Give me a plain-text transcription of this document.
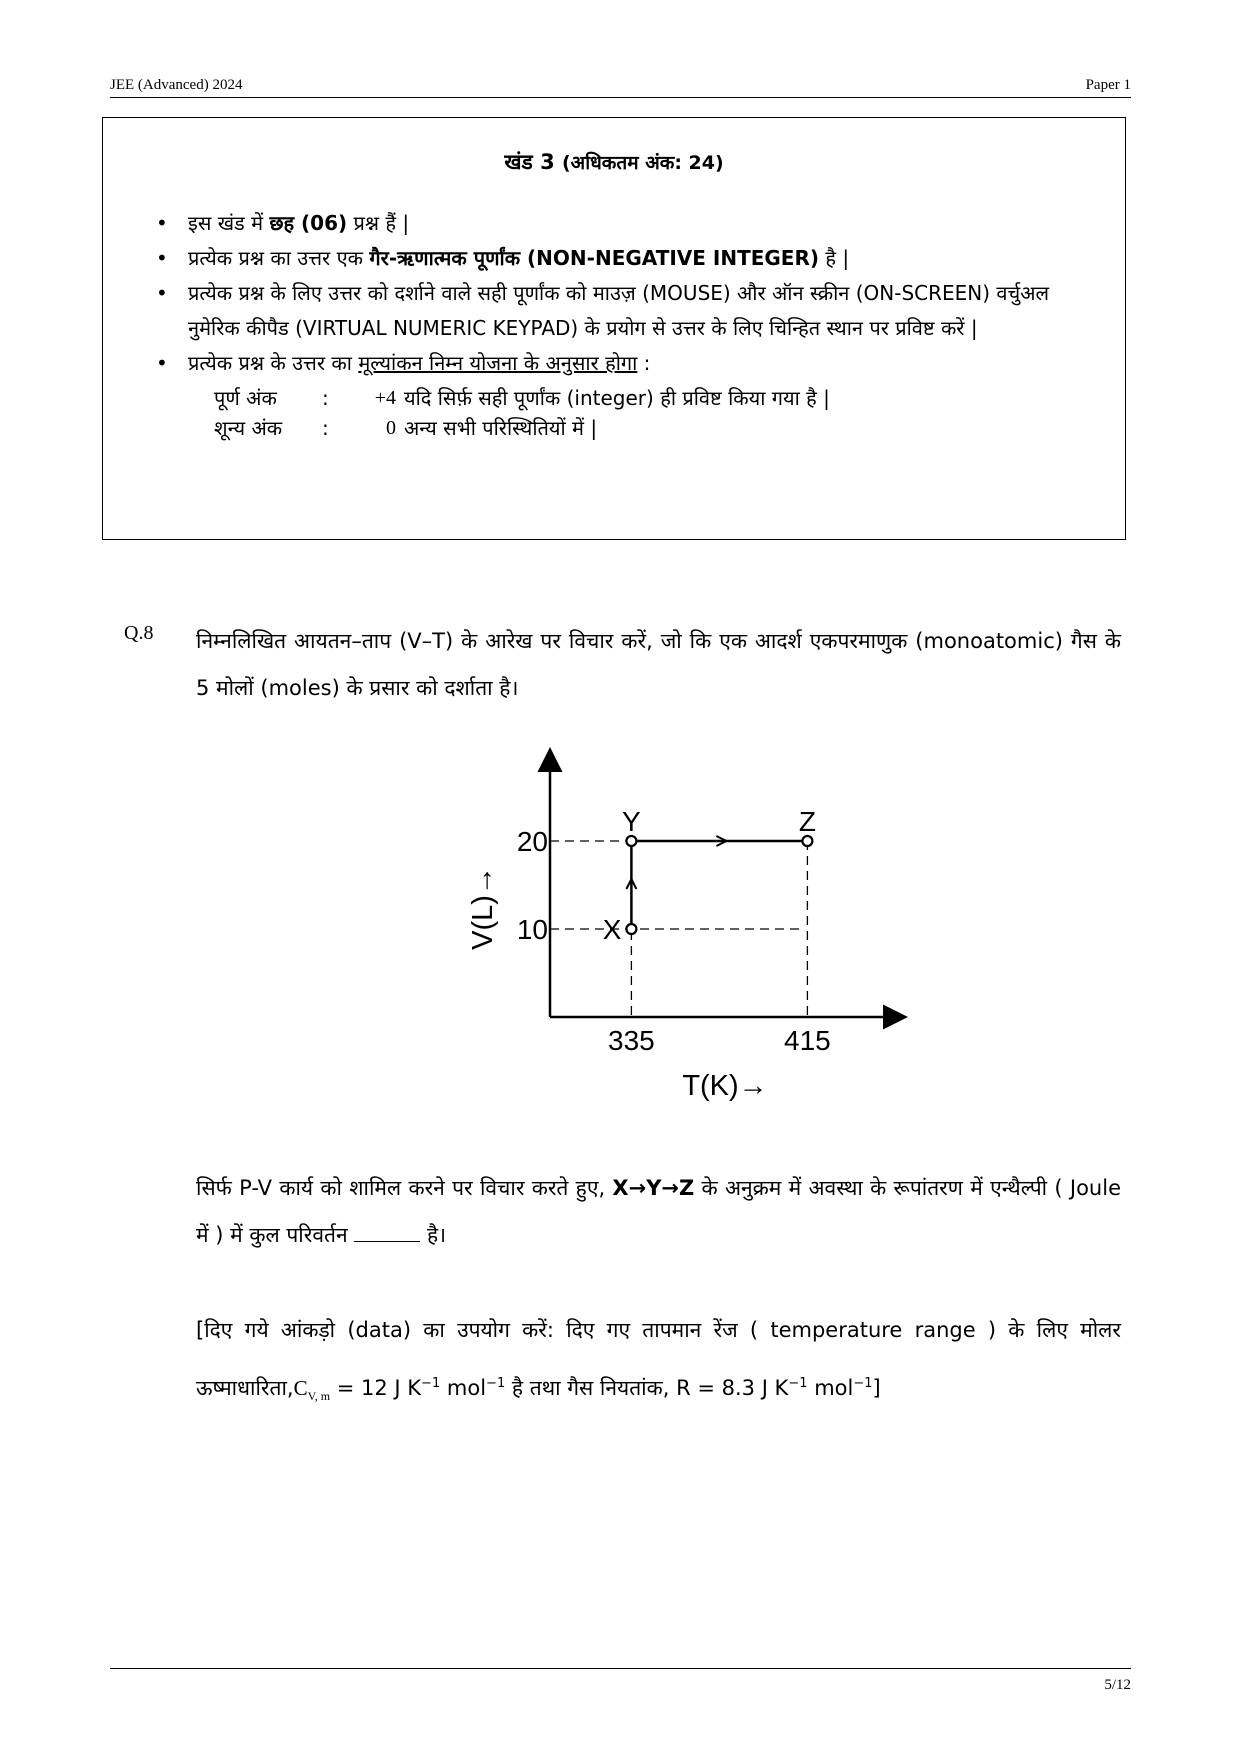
JEE (Advanced) 2024	Paper 1
खंड 3 (अधिकतम अंक: 24)
• इस खंड में छह (06) प्रश्न हैं |
• प्रत्येक प्रश्न का उत्तर एक गैर-ऋणात्मक पूर्णांक (NON-NEGATIVE INTEGER) है |
• प्रत्येक प्रश्न के लिए उत्तर को दर्शाने वाले सही पूर्णांक को माउज़ (MOUSE) और ऑन स्क्रीन (ON-SCREEN) वर्चुअल नुमेरिक कीपैड (VIRTUAL NUMERIC KEYPAD) के प्रयोग से उत्तर के लिए चिन्हित स्थान पर प्रविष्ट करें |
• प्रत्येक प्रश्न के उत्तर का मूल्यांकन निम्न योजना के अनुसार होगा :
पूर्ण अंक	:	+4 यदि सिर्फ़ सही पूर्णांक (integer) ही प्रविष्ट किया गया है |
शून्य अंक	:	0 अन्य सभी परिस्थितियों में |
Q.8 निम्नलिखित आयतन–ताप (V–T) के आरेख पर विचार करें, जो कि एक आदर्श एकपरमाणुक (monoatomic) गैस के 5 मोलों (moles) के प्रसार को दर्शाता है।
335	415
10
20
T(K)→
V(L)→	X
Y	Z
सिर्फ P-V कार्य को शामिल करने पर विचार करते हुए, X→Y→Z के अनुक्रम में अवस्था के रूपांतरण में एन्थैल्पी ( Joule में ) में कुल परिवर्तन	है।
[दिए गये आंकड़ो (data) का उपयोग करें: दिए गए तापमान रेंज ( temperature range ) के लिए मोलर $ऊष्माधारिता,C_{V, m} = 12$ J $K^{-1}$ mol$^{-1}$ है तथा गैस नियतांक, R = 8.3 J $K^{-1}$ mol$^{-1}$]
5/12
